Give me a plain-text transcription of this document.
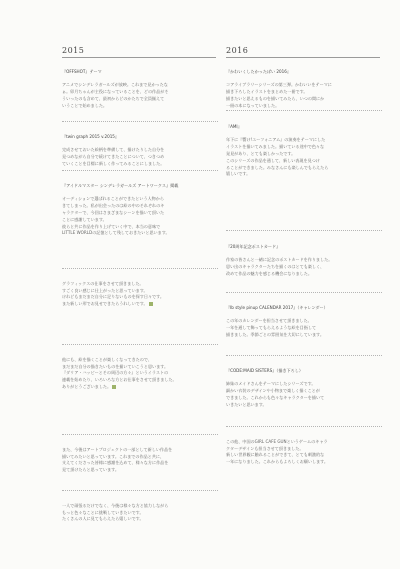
2015

『OFFSHOT』テーマ

アニメでシンデレラガールズが放映。これまで見かったな
ぁ。卯月ちゃんが主役になっていることを、どの作品がそ
ういったのも含めて、最初からどのかたちで全員揃えて
いうことで始めました。

『twin graph 2015 v.2015』

完成させておいた絵柄を準備して、描けたりした自分を
見つめながら自分で続けてきたことについて、つきつめ
ていくことを目標に新しく作ってみることにしました。

『アイドルマスター シンデレラガールズ アートワークス』掲載

オーディションで選ばれることができたという人物から
きてしまった。私が出会ったのは絵の中のそれぞれのキ
ャラクターで、今回はさまざまなシーンを描いて頂いた
ことに感謝しています。
彼らと共に作品を作り上げていく中で、本当の意味で
LITTLE WORLDの記憶として残しておきたいと思います。

グラフィックスの仕事をさせて頂きました。
すごく良い感じに仕上がったと思っています。
けれどもまだまだ自分に足りないものを探す日々です。
また新しい形でお見せできたらうれしいです。

他にも、絵を描くことが楽しくなってきたので、
まだまだ自分の描きたいものを描いていこうと思います。
『ダリア・ハッピーとその周辺の方々』というイラストの
連載を始めたり、いろいろな方とお仕事をさせて頂きました。
ありがとうございました。

また、今後はアートプロジェクトの一部として新しい作品を
描いてみたいと思っています。これまでの作品と共に、
支えてくださった皆様に感謝を込めて、様々な方に作品を
見て頂けたらと思っています。

一人で頑張るだけでなく、今後は様々な方と協力しながら
もっと色々なことに挑戦していきたいです。
たくさんの人に見てもらえたら嬉しいです。

2016

『かわいくしたかったぱい 2016』

コアライブラリーシリーズの第三弾。かわいいをテーマに
描き下ろしたイラストをまとめた一冊です。
描きたいと思えるものを描いてみたら、いつの間にか
一冊の本になっていました。

『AMI』

年下に『響け!ユーフォニアム』の演奏をテーマにした
イラストを描いてみました。描いている途中で色々な
発見があり、とても楽しかったです。
このシリーズの作品を通して、新しい表現を見つけ
ることができました。みなさんにも楽しんでもらえたら
嬉しいです。

『20周年記念ポストカード』

作家の皆さんと一緒に記念のポストカードを作りました。
思い出のキャラクターたちを描くのはとても楽しく、
改めて作品の魅力を感じる機会になりました。

『Ib style pinup CALENDAR 2017』（キャレンダー）

この年のカレンダーを担当させて頂きました。
一年を通して飾ってもらえるような絵を目指して
描きました。季節ごとの雰囲気を大切にしています。

『CODE:MAID SISTERS』（描き下ろし）

姉妹のメイドさんをテーマにしたシリーズです。
細かい衣装のデザインや小物まで楽しく描くことが
できました。これからも色々なキャラクターを描いて
いきたいと思います。

この他、中国のGIRL CAFE GUNというゲームのキャラ
クターデザインも担当させて頂きました。
新しい世界観に触れることができて、とても刺激的な
一年になりました。これからもよろしくお願いします。
